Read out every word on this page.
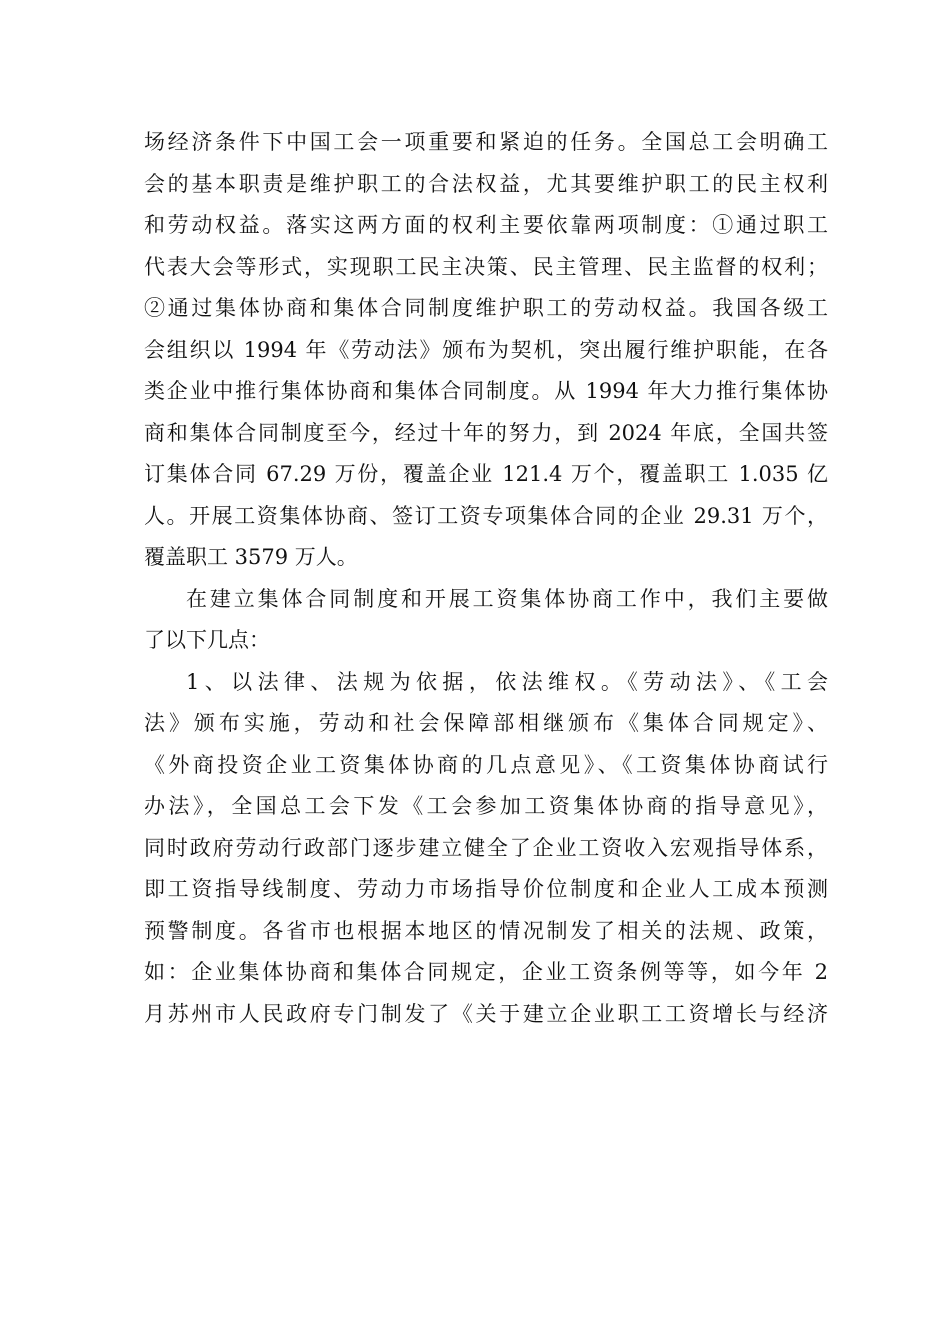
场经济条件下中国工会一项重要和紧迫的任务。全国总工会明确工
会的基本职责是维护职工的合法权益，尤其要维护职工的民主权利
和劳动权益。落实这两方面的权利主要依靠两项制度：①通过职工
代表大会等形式，实现职工民主决策、民主管理、民主监督的权利；
②通过集体协商和集体合同制度维护职工的劳动权益。我国各级工
会组织以 1994 年《劳动法》颁布为契机，突出履行维护职能，在各
类企业中推行集体协商和集体合同制度。从 1994 年大力推行集体协
商和集体合同制度至今，经过十年的努力，到 2024 年底，全国共签
订集体合同 67.29 万份，覆盖企业 121.4 万个，覆盖职工 1.035 亿
人。开展工资集体协商、签订工资专项集体合同的企业 29.31 万个，
覆盖职工 3579 万人。
在建立集体合同制度和开展工资集体协商工作中，我们主要做
了以下几点：
1、以法律、法规为依据，依法维权。《劳动法》、《工会
法》颁布实施，劳动和社会保障部相继颁布《集体合同规定》、
《外商投资企业工资集体协商的几点意见》、《工资集体协商试行
办法》，全国总工会下发《工会参加工资集体协商的指导意见》，
同时政府劳动行政部门逐步建立健全了企业工资收入宏观指导体系，
即工资指导线制度、劳动力市场指导价位制度和企业人工成本预测
预警制度。各省市也根据本地区的情况制发了相关的法规、政策，
如：企业集体协商和集体合同规定，企业工资条例等等，如今年 2
月苏州市人民政府专门制发了《关于建立企业职工工资增长与经济
